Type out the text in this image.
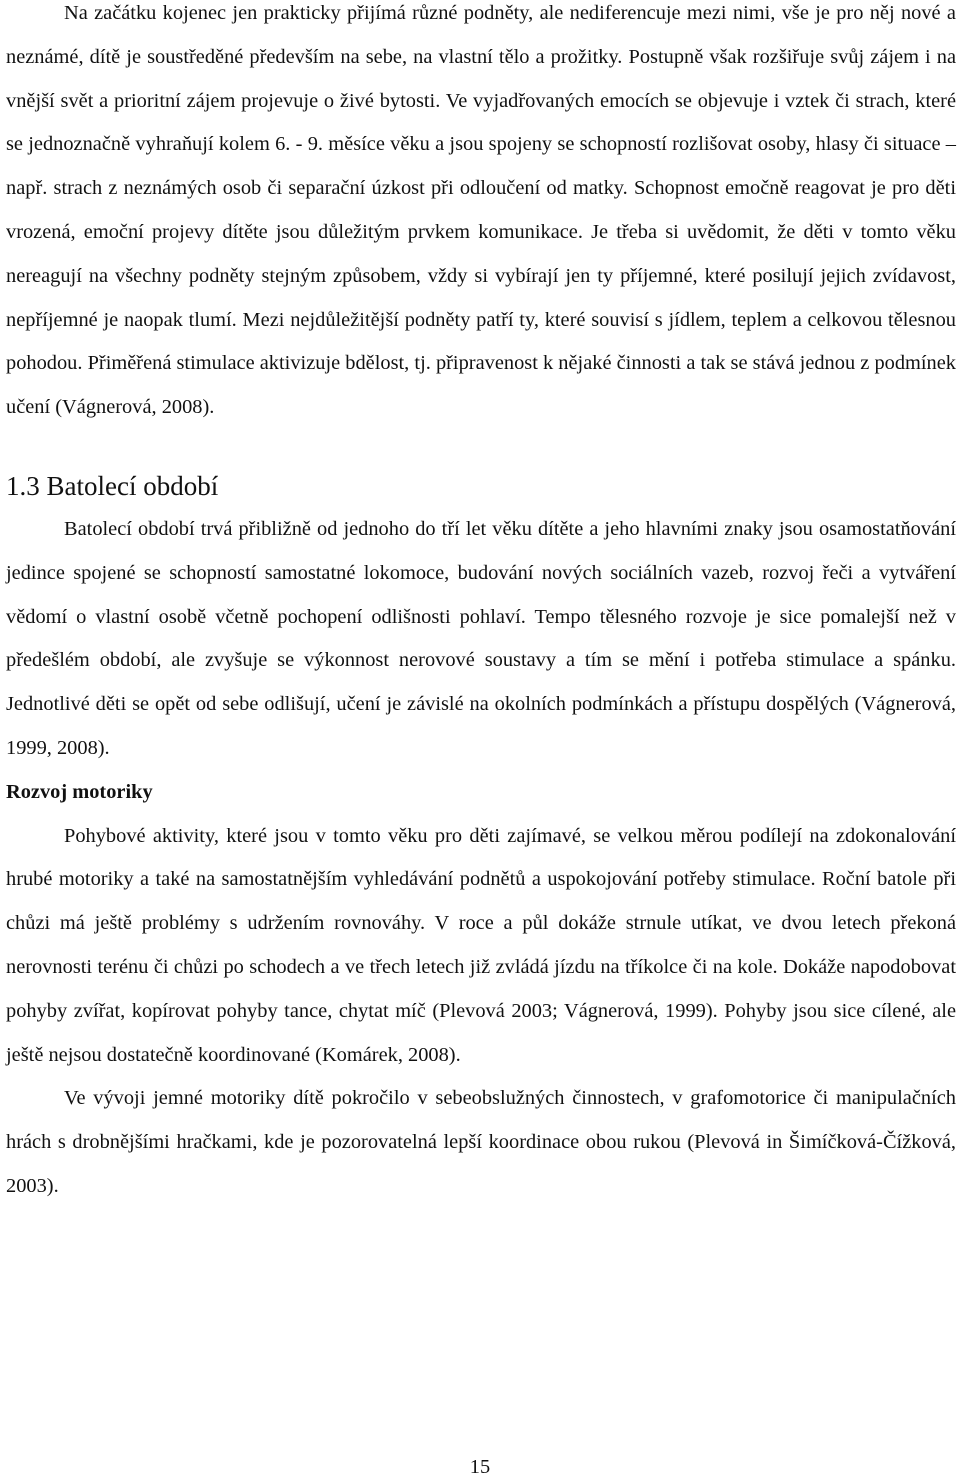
Na začátku kojenec jen prakticky přijímá různé podněty, ale nediferencuje mezi nimi, vše je pro něj nové a neznámé, dítě je soustředěné především na sebe, na vlastní tělo a prožitky. Postupně však rozšiřuje svůj zájem i na vnější svět a prioritní zájem projevuje o živé bytosti. Ve vyjadřovaných emocích se objevuje i vztek či strach, které se jednoznačně vyhraňují kolem 6. - 9. měsíce věku a jsou spojeny se schopností rozlišovat osoby, hlasy či situace – např. strach z neznámých osob či separační úzkost při odloučení od matky. Schopnost emočně reagovat je pro děti vrozená, emoční projevy dítěte jsou důležitým prvkem komunikace. Je třeba si uvědomit, že děti v tomto věku nereagují na všechny podněty stejným způsobem, vždy si vybírají jen ty příjemné, které posilují jejich zvídavost, nepříjemné je naopak tlumí. Mezi nejdůležitější podněty patří ty, které souvisí s jídlem, teplem a celkovou tělesnou pohodou. Přiměřená stimulace aktivizuje bdělost, tj. připravenost k nějaké činnosti a tak se stává jednou z podmínek učení (Vágnerová, 2008).

1.3 Batolecí období

Batolecí období trvá přibližně od jednoho do tří let věku dítěte a jeho hlavními znaky jsou osamostatňování jedince spojené se schopností samostatné lokomoce, budování nových sociálních vazeb, rozvoj řeči a vytváření vědomí o vlastní osobě včetně pochopení odlišnosti pohlaví. Tempo tělesného rozvoje je sice pomalejší než v předešlém období, ale zvyšuje se výkonnost nerovové soustavy a tím se mění i potřeba stimulace a spánku. Jednotlivé děti se opět od sebe odlišují, učení je závislé na okolních podmínkách a přístupu dospělých (Vágnerová, 1999, 2008).

Rozvoj motoriky

Pohybové aktivity, které jsou v tomto věku pro děti zajímavé, se velkou měrou podílejí na zdokonalování hrubé motoriky a také na samostatnějším vyhledávání podnětů a uspokojování potřeby stimulace. Roční batole při chůzi má ještě problémy s udržením rovnováhy. V roce a půl dokáže strnule utíkat, ve dvou letech překoná nerovnosti terénu či chůzi po schodech a ve třech letech již zvládá jízdu na tříkolce či na kole. Dokáže napodobovat pohyby zvířat, kopírovat pohyby tance, chytat míč (Plevová 2003; Vágnerová, 1999). Pohyby jsou sice cílené, ale ještě nejsou dostatečně koordinované (Komárek, 2008).

Ve vývoji jemné motoriky dítě pokročilo v sebeobslužných činnostech, v grafomotorice či manipulačních hrách s drobnějšími hračkami, kde je pozorovatelná lepší koordinace obou rukou (Plevová in Šimíčková-Čížková, 2003).

15
